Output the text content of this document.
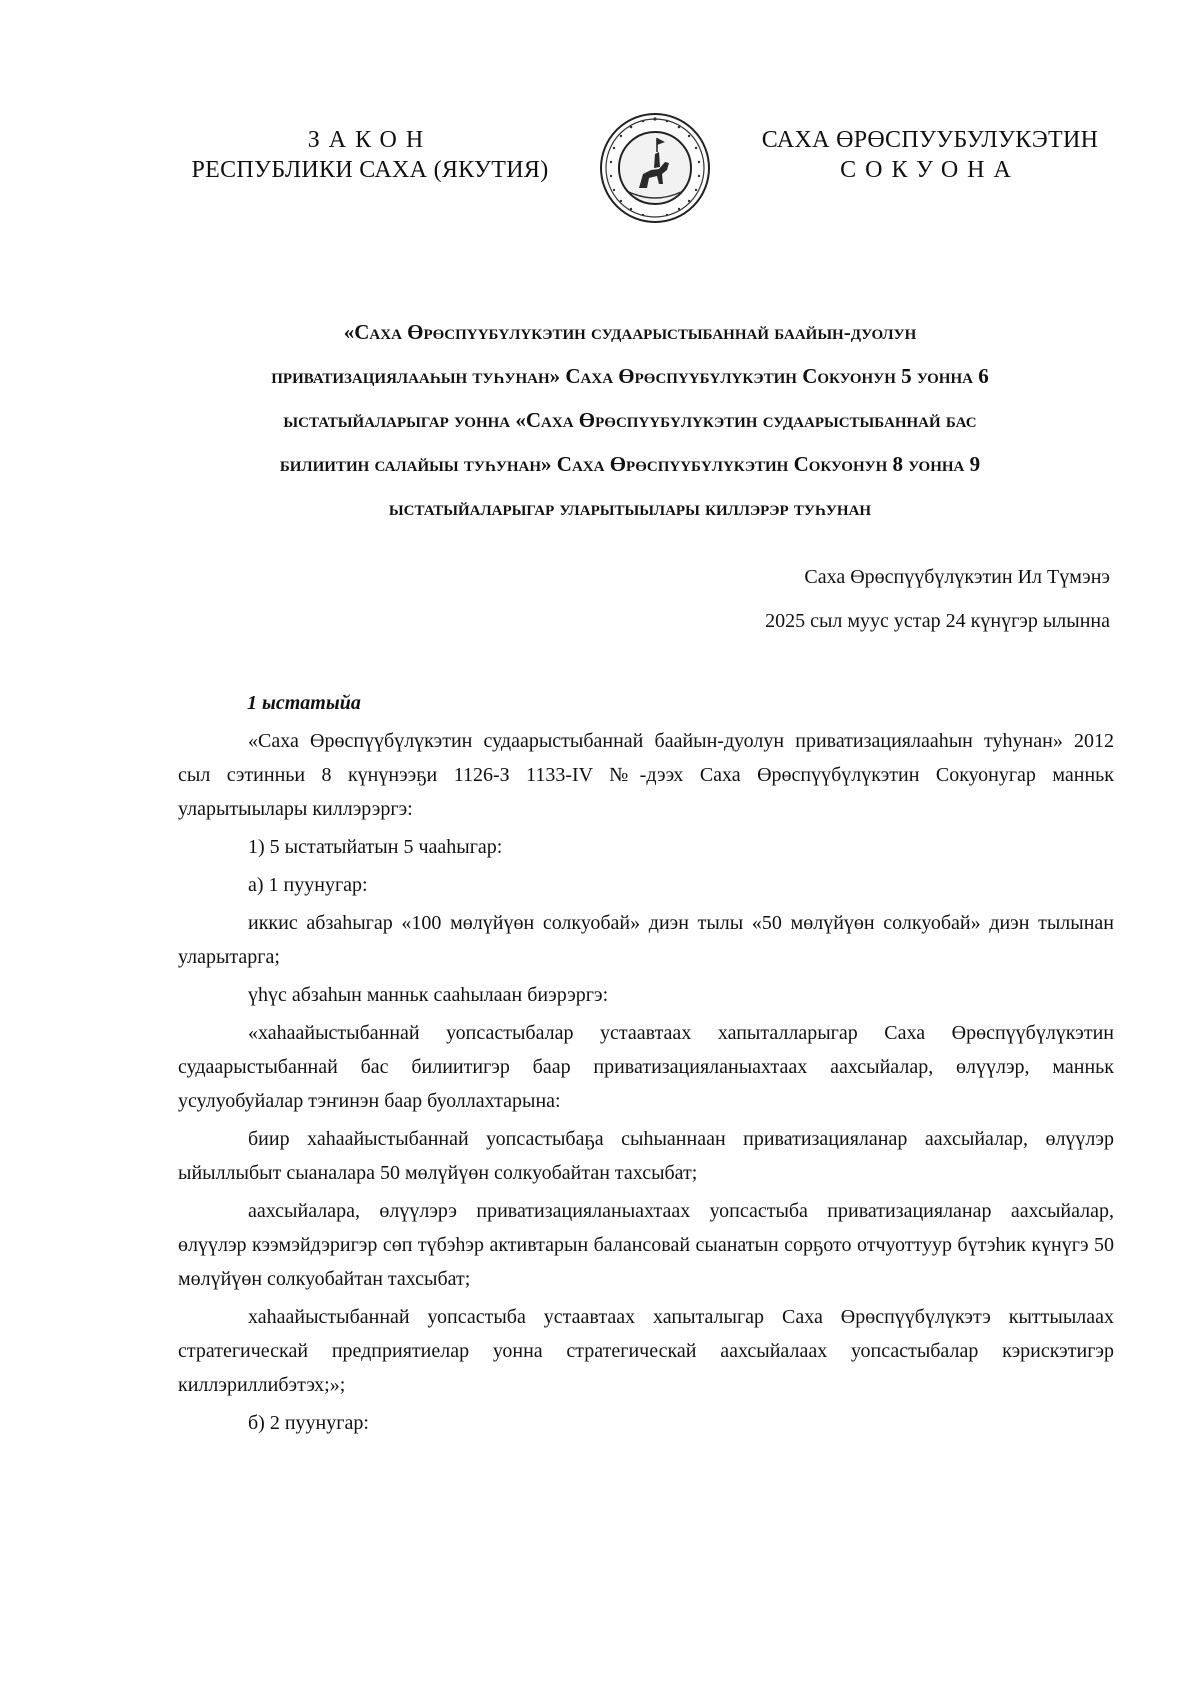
ЗАКОН
РЕСПУБЛИКИ САХА (ЯКУТИЯ)
САХА ӨРӨСПУУБУЛУКЭТИН
СОКУОНА
«Саха Өрөспүүбүлүкэтин судаарыстыбаннай баайын-дуолун
приватизациялааһын туһунан» Саха Өрөспүүбүлүкэтин Сокуонун 5 уонна 6
ыстатыйаларыгар уонна «Саха Өрөспүүбүлүкэтин судаарыстыбаннай бас
билиитин салайыы туһунан» Саха Өрөспүүбүлүкэтин Сокуонун 8 уонна 9
ыстатыйаларыгар уларытыылары киллэрэр туһунан
Саха Өрөспүүбүлүкэтин Ил Түмэнэ
2025 сыл муус устар 24 күнүгэр ылынна
1 ыстатыйа

«Саха Өрөспүүбүлүкэтин судаарыстыбаннай баайын-дуолун приватизациялааһын туһунан» 2012 сыл сэтинньи 8 күнүнээҕи 1126-З 1133-IV №-дээх Саха Өрөспүүбүлүкэтин Сокуонугар манньк уларытыылары киллэрэргэ:

1) 5 ыстатыйатын 5 чааһыгар:

а) 1 пуунугар:

иккис абзаһыгар «100 мөлүйүөн солкуобай» диэн тылы «50 мөлүйүөн солкуобай» диэн тылынан уларытарга;

үһүс абзаһын манньк сааһылаан биэрэргэ:

«хаһаайыстыбаннай уопсастыбалар устаавтаах хапыталларыгар Саха Өрөспүүбүлүкэтин судаарыстыбаннай бас билиитигэр баар приватизацияланыахтаах аахсыйалар, өлүүлэр, манньк усулуобуйалар тэҥинэн баар буоллахтарына:

биир хаһаайыстыбаннай уопсастыбаҕа сыһыаннаан приватизацияланар аахсыйалар, өлүүлэр ыйыллыбыт сыаналара 50 мөлүйүөн солкуобайтан тахсыбат;

аахсыйалара, өлүүлэрэ приватизацияланыахтаах уопсастыба приватизацияланар аахсыйалар, өлүүлэр кээмэйдэригэр сөп түбэһэр активтарын балансовай сыанатын сорҕото отчуоттуур бүтэһик күнүгэ 50 мөлүйүөн солкуобайтан тахсыбат;

хаһаайыстыбаннай уопсастыба устаавтаах хапыталыгар Саха Өрөспүүбүлүкэтэ кыттыылаах стратегическай предприятиелар уонна стратегическай аахсыйалаах уопсастыбалар кэрискэтигэр киллэриллибэтэх;»;

б) 2 пуунугар:
